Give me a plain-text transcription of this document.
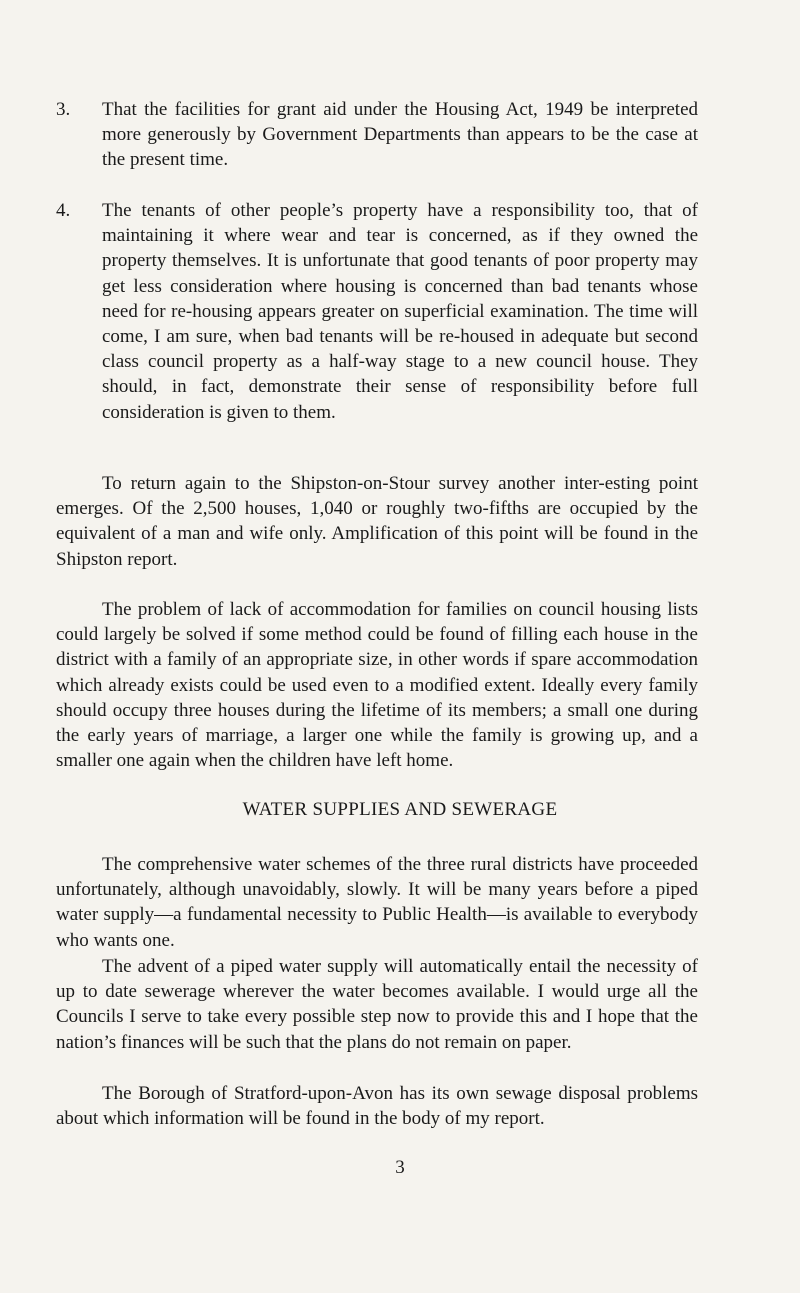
3. That the facilities for grant aid under the Housing Act, 1949 be interpreted more generously by Government Departments than appears to be the case at the present time.
4. The tenants of other people’s property have a responsibility too, that of maintaining it where wear and tear is concerned, as if they owned the property themselves. It is unfortunate that good tenants of poor property may get less consideration where housing is concerned than bad tenants whose need for re-housing appears greater on superficial examination. The time will come, I am sure, when bad tenants will be re-housed in adequate but second class council property as a half-way stage to a new council house. They should, in fact, demonstrate their sense of responsibility before full consideration is given to them.
To return again to the Shipston-on-Stour survey another inter-esting point emerges. Of the 2,500 houses, 1,040 or roughly two-fifths are occupied by the equivalent of a man and wife only. Amplification of this point will be found in the Shipston report.
The problem of lack of accommodation for families on council housing lists could largely be solved if some method could be found of filling each house in the district with a family of an appropriate size, in other words if spare accommodation which already exists could be used even to a modified extent. Ideally every family should occupy three houses during the lifetime of its members; a small one during the early years of marriage, a larger one while the family is growing up, and a smaller one again when the children have left home.
WATER SUPPLIES AND SEWERAGE
The comprehensive water schemes of the three rural districts have proceeded unfortunately, although unavoidably, slowly. It will be many years before a piped water supply—a fundamental necessity to Public Health—is available to everybody who wants one.
The advent of a piped water supply will automatically entail the necessity of up to date sewerage wherever the water becomes available. I would urge all the Councils I serve to take every possible step now to provide this and I hope that the nation’s finances will be such that the plans do not remain on paper.
The Borough of Stratford-upon-Avon has its own sewage disposal problems about which information will be found in the body of my report.
3
